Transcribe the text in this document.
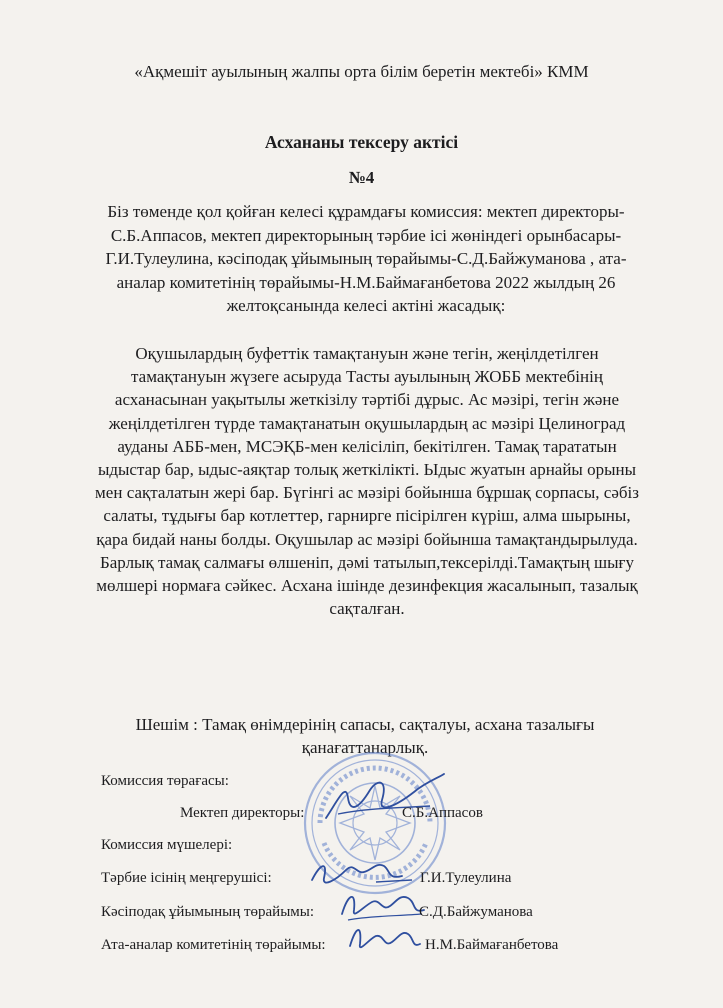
«Ақмешіт ауылының жалпы орта білім беретін мектебі» КММ
Асхананы тексеру актісі
№4
Біз төменде қол қойған келесі құрамдағы комиссия: мектеп директоры-С.Б.Аппасов, мектеп директорының тәрбие ісі жөніндегі орынбасары-Г.И.Тулеулина, кәсіподақ ұйымының төрайымы-С.Д.Байжуманова , ата-аналар комитетінің төрайымы-Н.М.Баймағанбетова 2022 жылдың 26 желтоқсанында келесі актіні жасадық:
Оқушылардың буфеттік тамақтануын және тегін, жеңілдетілген тамақтануын жүзеге асыруда Тасты ауылының ЖОББ мектебінің асханасынан уақытылы жеткізілу тәртібі дұрыс. Ас мәзірі, тегін және жеңілдетілген түрде тамақтанатын оқушылардың ас мәзірі Целиноград ауданы АББ-мен, МСЭҚБ-мен келісіліп, бекітілген. Тамақ тарататын ыдыстар бар, ыдыс-аяқтар толық жеткілікті. Ыдыс жуатын арнайы орыны мен сақталатын жері бар. Бүгінгі ас мәзірі бойынша бұршақ сорпасы, сәбіз салаты, тұдығы бар котлеттер, гарнирге пісірілген күріш, алма шырыны, қара бидай наны болды. Оқушылар ас мәзірі бойынша тамақтандырылуда. Барлық тамақ салмағы өлшеніп, дәмі татылып,тексерілді.Тамақтың шығу мөлшері нормаға сәйкес. Асхана ішінде дезинфекция жасалынып, тазалық сақталған.
Шешім : Тамақ өнімдерінің сапасы, сақталуы, асхана тазалығы қанағаттанарлық.
Комиссия төрағасы:
Мектеп директоры:	С.Б.Аппасов
Комиссия мүшелері:
Тәрбие ісінің меңгерушісі:	Г.И.Тулеулина
Кәсіподақ ұйымының төрайымы:	С.Д.Байжуманова
Ата-аналар комитетінің төрайымы:	Н.М.Баймағанбетова
